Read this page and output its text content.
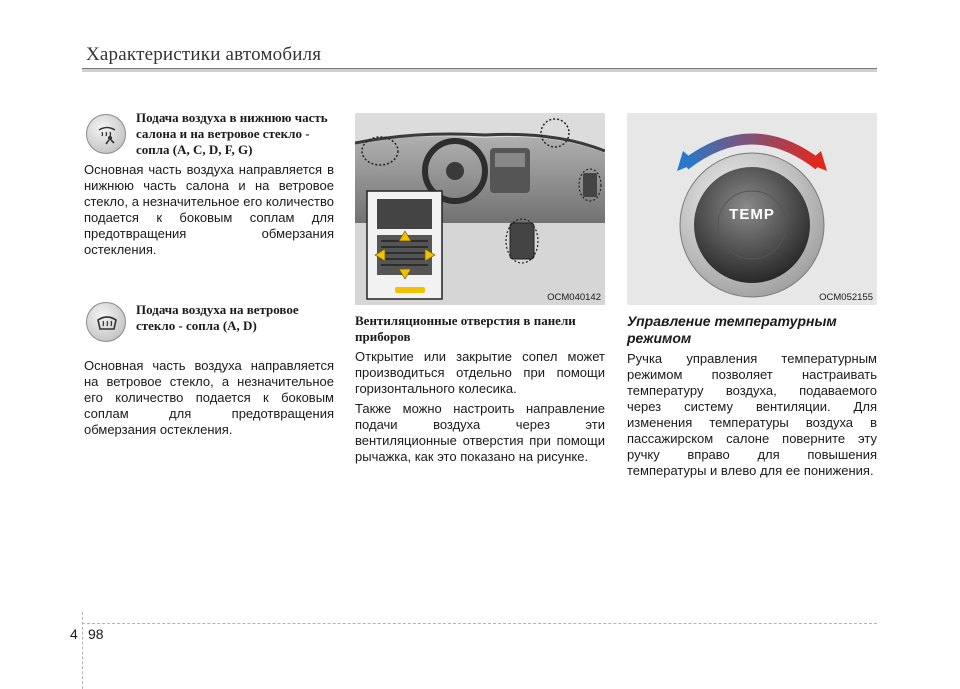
Характеристики автомобиля
Подача воздуха в нижнюю часть салона и на ветровое стекло - сопла (A, C, D, F, G)

Основная часть воздуха направляется в нижнюю часть салона и на ветровое стекло, а незначительное его количество подается к боковым соплам для предотвращения обмерзания остекления.

Подача воздуха на ветровое стекло - сопла (A, D)

Основная часть воздуха направляется на ветровое стекло, а незначительное его количество подается к боковым соплам для предотвращения обмерзания остекления.

OCM040142
Вентиляционные отверстия в панели приборов

Открытие или закрытие сопел может производиться отдельно при помощи горизонтального колесика.

Также можно настроить направление подачи воздуха через эти вентиляционные отверстия при помощи рычажка, как это показано на рисунке.

TEMP
OCM052155
Управление температурным режимом

Ручка управления температурным режимом позволяет настраивать температуру воздуха, подаваемого через систему вентиляции. Для изменения температуры воздуха в пассажирском салоне поверните эту ручку вправо для повышения температуры и влево для ее понижения.

4 98
